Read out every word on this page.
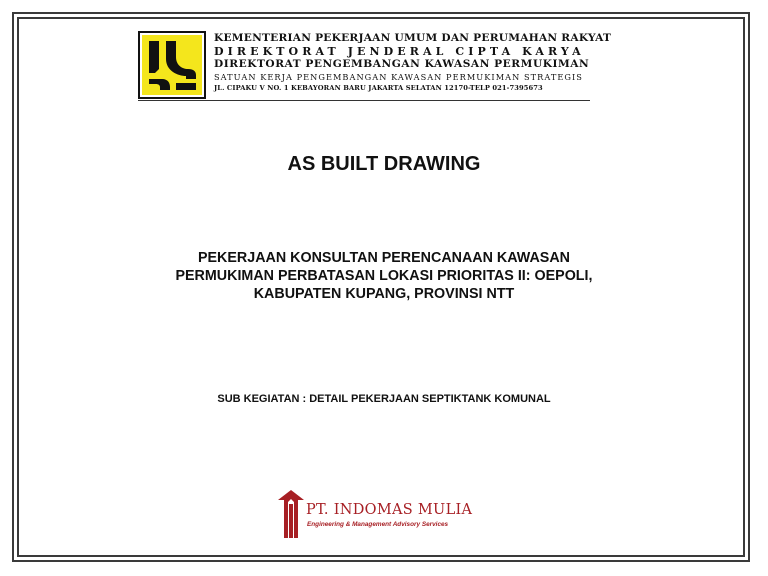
KEMENTERIAN PEKERJAAN UMUM DAN PERUMAHAN RAKYAT
DIREKTORAT JENDERAL CIPTA KARYA
DIREKTORAT PENGEMBANGAN KAWASAN PERMUKIMAN
SATUAN KERJA PENGEMBANGAN KAWASAN PERMUKIMAN STRATEGIS
JL. CIPAKU V NO. 1 KEBAYORAN BARU JAKARTA SELATAN 12170-TELP 021-7395673
AS BUILT DRAWING
PEKERJAAN KONSULTAN PERENCANAAN KAWASAN
PERMUKIMAN PERBATASAN LOKASI PRIORITAS II: OEPOLI,
KABUPATEN KUPANG, PROVINSI NTT
SUB KEGIATAN : DETAIL PEKERJAAN SEPTIKTANK KOMUNAL
PT. INDOMAS MULIA
Engineering & Management Advisory Services
